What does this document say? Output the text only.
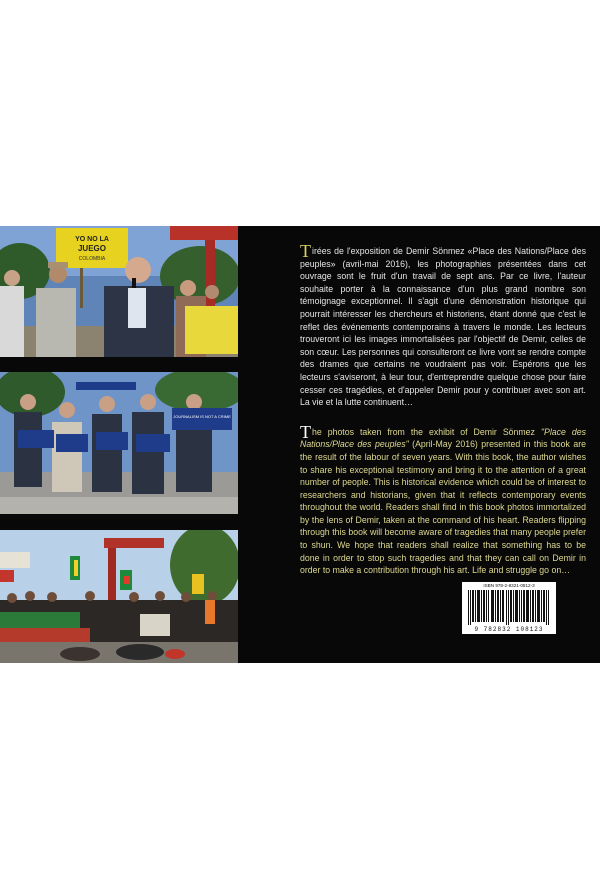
YO NO LA
JUEGO
COLOMBIA
JOURNALISM IS NOT A CRIME
Tirées de l'exposition de Demir Sönmez «Place des Nations/Place des peuples» (avril-mai 2016), les photographies présentées dans cet ouvrage sont le fruit d'un travail de sept ans. Par ce livre, l'auteur souhaite porter à la connaissance d'un plus grand nombre son témoignage exceptionnel. Il s'agit d'une démonstration historique qui pourrait intéresser les chercheurs et historiens, étant donné que c'est le reflet des événements contemporains à travers le monde. Les lecteurs trouveront ici les images immortalisées par l'objectif de Demir, celles de son cœur. Les personnes qui consulteront ce livre vont se rendre compte des drames que certains ne voudraient pas voir. Espérons que les lecteurs s'aviseront, à leur tour, d'entreprendre quelque chose pour faire cesser ces tragédies, et d'appeler Demir pour y contribuer avec son art. La vie et la lutte continuent…
The photos taken from the exhibit of Demir Sönmez "Place des Nations/Place des peuples" (April-May 2016) presented in this book are the result of the labour of seven years. With this book, the author wishes to share his exceptional testimony and bring it to the attention of a great number of people. This is historical evidence which could be of interest to researchers and historians, given that it reflects contemporary events throughout the world. Readers shall find in this book photos immortalized by the lens of Demir, taken at the command of his heart. Readers flipping through this book will become aware of tragedies that many people prefer to shun. We hope that readers shall realize that something has to be done in order to stop such tragedies and that they can call on Demir in order to make a contribution through his art. Life and struggle go on…
ISBN 978-2-8321-0812-3
9 782832 108123
